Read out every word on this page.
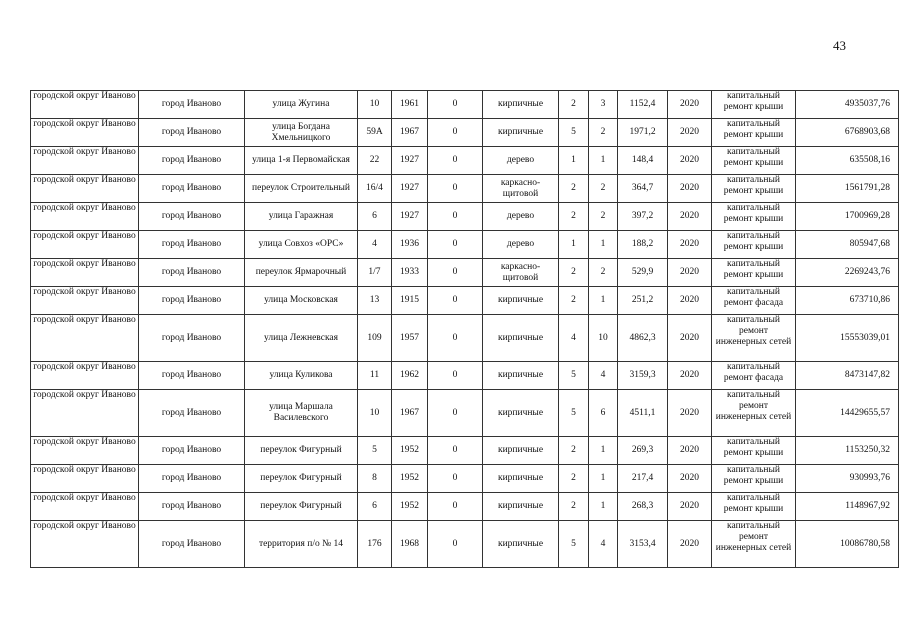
43
городской округ Иваново	город Иваново	улица Жугина	10	1961	0	кирпичные	2	3	1152,4	2020	капитальный ремонт крыши	4935037,76
городской округ Иваново	город Иваново	улица Богдана Хмельницкого	59А	1967	0	кирпичные	5	2	1971,2	2020	капитальный ремонт крыши	6768903,68
городской округ Иваново	город Иваново	улица 1-я Первомайская	22	1927	0	дерево	1	1	148,4	2020	капитальный ремонт крыши	635508,16
городской округ Иваново	город Иваново	переулок Строительный	16/4	1927	0	каркасно-щитовой	2	2	364,7	2020	капитальный ремонт крыши	1561791,28
городской округ Иваново	город Иваново	улица Гаражная	6	1927	0	дерево	2	2	397,2	2020	капитальный ремонт крыши	1700969,28
городской округ Иваново	город Иваново	улица Совхоз «ОРС»	4	1936	0	дерево	1	1	188,2	2020	капитальный ремонт крыши	805947,68
городской округ Иваново	город Иваново	переулок Ярмарочный	1/7	1933	0	каркасно-щитовой	2	2	529,9	2020	капитальный ремонт крыши	2269243,76
городской округ Иваново	город Иваново	улица Московская	13	1915	0	кирпичные	2	1	251,2	2020	капитальный ремонт фасада	673710,86
городской округ Иваново	город Иваново	улица Лежневская	109	1957	0	кирпичные	4	10	4862,3	2020	капитальный ремонт инженерных сетей	15553039,01
городской округ Иваново	город Иваново	улица Куликова	11	1962	0	кирпичные	5	4	3159,3	2020	капитальный ремонт фасада	8473147,82
городской округ Иваново	город Иваново	улица Маршала Василевского	10	1967	0	кирпичные	5	6	4511,1	2020	капитальный ремонт инженерных сетей	14429655,57
городской округ Иваново	город Иваново	переулок Фигурный	5	1952	0	кирпичные	2	1	269,3	2020	капитальный ремонт крыши	1153250,32
городской округ Иваново	город Иваново	переулок Фигурный	8	1952	0	кирпичные	2	1	217,4	2020	капитальный ремонт крыши	930993,76
городской округ Иваново	город Иваново	переулок Фигурный	6	1952	0	кирпичные	2	1	268,3	2020	капитальный ремонт крыши	1148967,92
городской округ Иваново	город Иваново	территория п/о № 14	176	1968	0	кирпичные	5	4	3153,4	2020	капитальный ремонт инженерных сетей	10086780,58
